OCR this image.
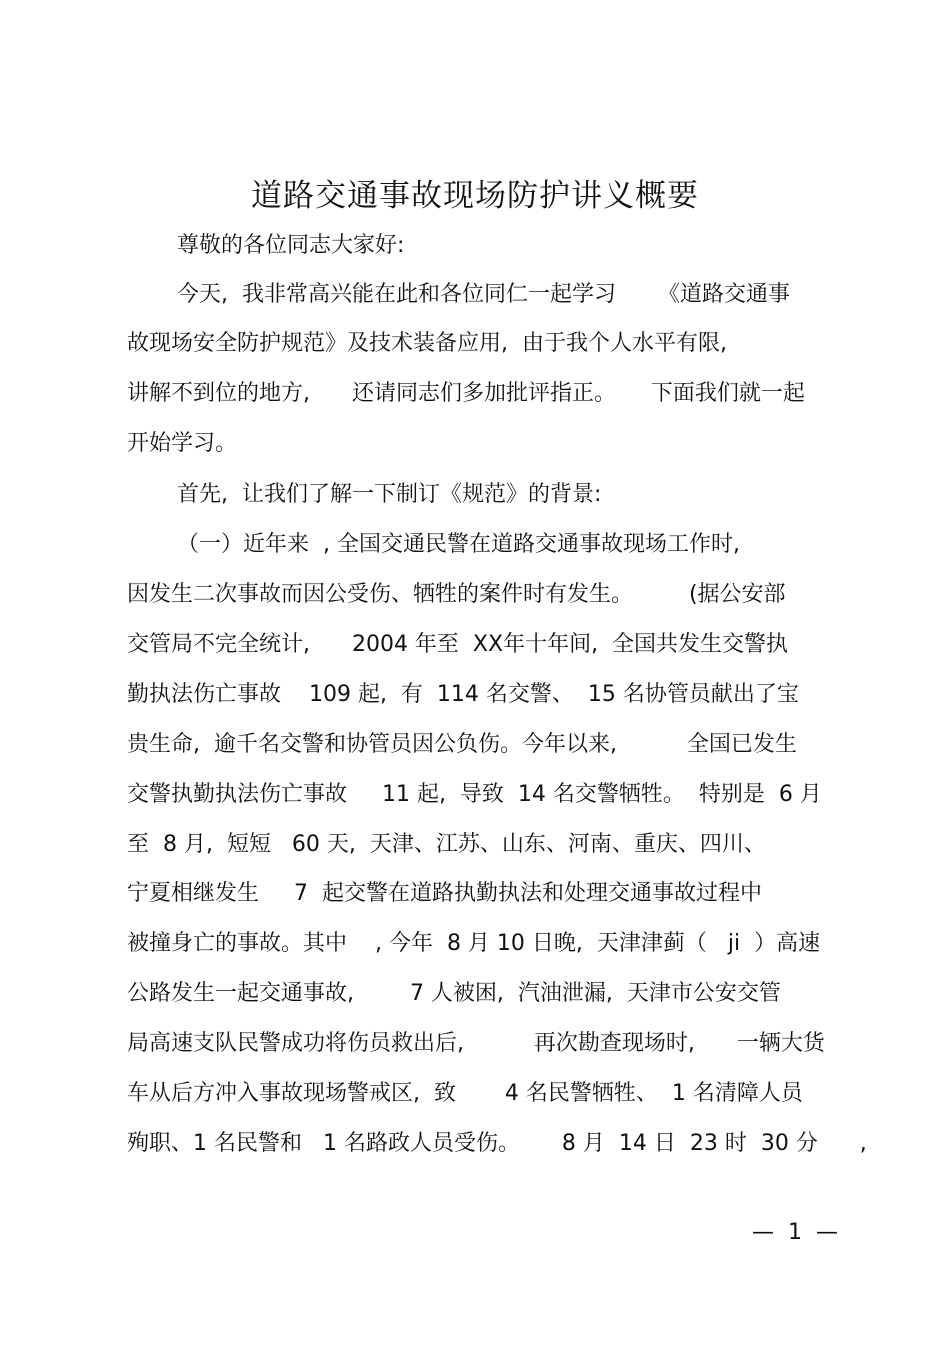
道路交通事故现场防护讲义概要
尊敬的各位同志大家好:
今天,  我非常高兴能在此和各位同仁一起学习      《道路交通事
故现场安全防护规范》及技术装备应用,  由于我个人水平有限,
讲解不到位的地方,      还请同志们多加批评指正。     下面我们就一起
开始学习。
首先,  让我们了解一下制订《规范》的背景:
（一）近年来  , 全国交通民警在道路交通事故现场工作时,
因发生二次事故而因公受伤、牺牲的案件时有发生。        (据公安部
交管局不完全统计,      2004 年至  XX年十年间,  全国共发生交警执
勤执法伤亡事故    109 起,  有  114 名交警、  15 名协管员献出了宝
贵生命,  逾千名交警和协管员因公负伤。今年以来,          全国已发生
交警执勤执法伤亡事故     11 起,  导致  14 名交警牺牲。  特别是  6 月
至  8 月,  短短   60 天,  天津、江苏、山东、河南、重庆、四川、
宁夏相继发生     7  起交警在道路执勤执法和处理交通事故过程中
被撞身亡的事故。其中    , 今年  8 月 10 日晚,  天津津蓟（   ji  ）高速
公路发生一起交通事故,        7 人被困,  汽油泄漏,  天津市公安交管
局高速支队民警成功将伤员救出后,          再次勘查现场时,      一辆大货
车从后方冲入事故现场警戒区,  致       4 名民警牺牲、  1 名清障人员
殉职、1 名民警和   1 名路政人员受伤。      8 月  14 日  23 时  30 分      ,
—  1  —
